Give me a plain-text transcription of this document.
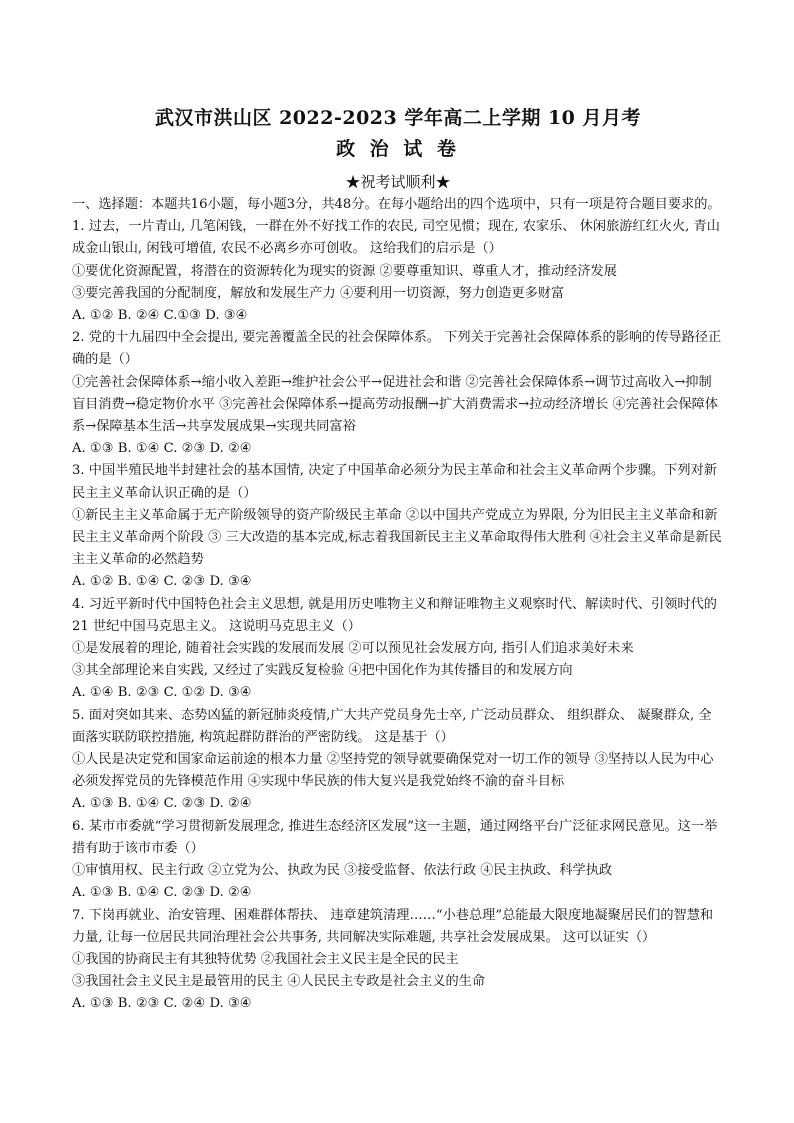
武汉市洪山区 2022-2023 学年高二上学期 10 月月考
政 治 试 卷
★祝考试顺利★

一、选择题：本题共16小题，每小题3分，共48分。在每小题给出的四个选项中，只有一项是符合题目要求的。

1. 过去，一片青山, 几笔闲钱，一群在外不好找工作的农民, 司空见惯；现在, 农家乐、 休闲旅游红红火火, 青山成金山银山, 闲钱可增值, 农民不必离乡亦可创收。 这给我们的启示是（）
①要优化资源配置，将潜在的资源转化为现实的资源 ②要尊重知识、尊重人才，推动经济发展
③要完善我国的分配制度，解放和发展生产力 ④要利用一切资源，努力创造更多财富
A. ①② B. ②④ C.①③ D. ③④
2. 党的十九届四中全会提出, 要完善覆盖全民的社会保障体系。 下列关于完善社会保障体系的影响的传导路径正确的是（）
①完善社会保障体系→缩小收入差距→维护社会公平→促进社会和谐 ②完善社会保障体系→调节过高收入→抑制盲目消费→稳定物价水平 ③完善社会保障体系→提高劳动报酬→扩大消费需求→拉动经济增长 ④完善社会保障体系→保障基本生活→共享发展成果→实现共同富裕
A. ①③ B. ①④ C. ②③ D. ②④
3. 中国半殖民地半封建社会的基本国情, 决定了中国革命必须分为民主革命和社会主义革命两个步骤。下列对新民主主义革命认识正确的是（）
①新民主主义革命属于无产阶级领导的资产阶级民主革命 ②以中国共产党成立为界限, 分为旧民主主义革命和新民主主义革命两个阶段 ③ 三大改造的基本完成,标志着我国新民主主义革命取得伟大胜利 ④社会主义革命是新民主主义革命的必然趋势
A. ①② B. ①④ C. ②③ D. ③④
4. 习近平新时代中国特色社会主义思想, 就是用历史唯物主义和辩证唯物主义观察时代、解读时代、引领时代的 21 世纪中国马克思主义。 这说明马克思主义（）
①是发展着的理论, 随着社会实践的发展而发展 ②可以预见社会发展方向, 指引人们追求美好未来
③其全部理论来自实践, 又经过了实践反复检验 ④把中国化作为其传播目的和发展方向
A. ①④ B. ②③ C. ①② D. ③④
5. 面对突如其来、态势凶猛的新冠肺炎疫情,广大共产党员身先士卒, 广泛动员群众、 组织群众、 凝聚群众, 全面落实联防联控措施, 构筑起群防群治的严密防线。 这是基于（）
①人民是决定党和国家命运前途的根本力量 ②坚持党的领导就要确保党对一切工作的领导 ③坚持以人民为中心必须发挥党员的先锋模范作用 ④实现中华民族的伟大复兴是我党始终不渝的奋斗目标
A. ①③ B. ①④ C. ②③ D. ②④
6. 某市市委就“学习贯彻新发展理念, 推进生态经济区发展”这一主题，通过网络平台广泛征求网民意见。这一举措有助于该市市委（）
①审慎用权、民主行政 ②立党为公、执政为民 ③接受监督、依法行政 ④民主执政、科学执政
A. ①③ B. ①④ C. ②③ D. ②④
7. 下岗再就业、治安管理、困难群体帮扶、 违章建筑清理……“小巷总理”总能最大限度地凝聚居民们的智慧和力量, 让每一位居民共同治理社会公共事务, 共同解决实际难题, 共享社会发展成果。 这可以证实（）
①我国的协商民主有其独特优势 ②我国社会主义民主是全民的民主
③我国社会主义民主是最管用的民主 ④人民民主专政是社会主义的生命
A. ①③ B. ②③ C. ②④ D. ③④
